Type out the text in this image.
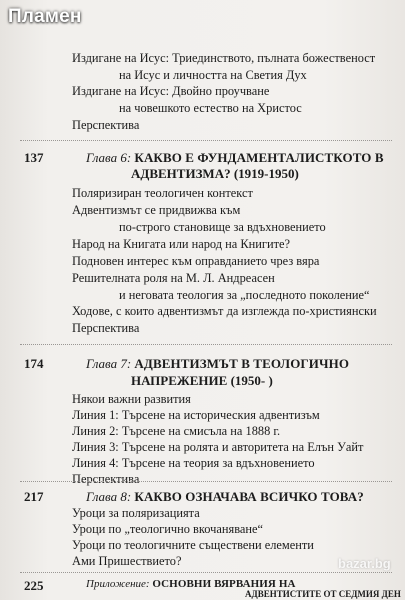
Пламен
Издигане на Исус: Триединството, пълната божественост
на Исус и личността на Светия Дух
Издигане на Исус: Двойно проучване
на човешкото естество на Христос
Перспектива
137	Глава 6: КАКВО Е ФУНДАМЕНТАЛИСТКОТО В
АДВЕНТИЗМА? (1919-1950)
Поляризиран теологичен контекст
Адвентизмът се придвижва към
по-строго становище за вдъхновението
Народ на Книгата или народ на Книгите?
Подновен интерес към оправданието чрез вяра
Решителната роля на М. Л. Андреасен
и неговата теология за „последното поколение“
Ходове, с които адвентизмът да изглежда по-християнски
Перспектива
174	Глава 7: АДВЕНТИЗМЪТ В ТЕОЛОГИЧНО
НАПРЕЖЕНИЕ (1950- )
Някои важни развития
Линия 1: Търсене на историческия адвентизъм
Линия 2: Търсене на смисъла на 1888 г.
Линия 3: Търсене на ролята и авторитета на Елън Уайт
Линия 4: Търсене на теория за вдъхновението
Перспектива
217	Глава 8: КАКВО ОЗНАЧАВА ВСИЧКО ТОВА?
Уроци за поляризацията
Уроци по „теологично вкочаняване“
Уроци по теологичните съществени елементи
Ами Пришествието?
225	Приложение: ОСНОВНИ ВЯРВАНИЯ НА
АДВЕНТИСТИТЕ ОТ СЕДМИЯ ДЕН
bazar.bg
